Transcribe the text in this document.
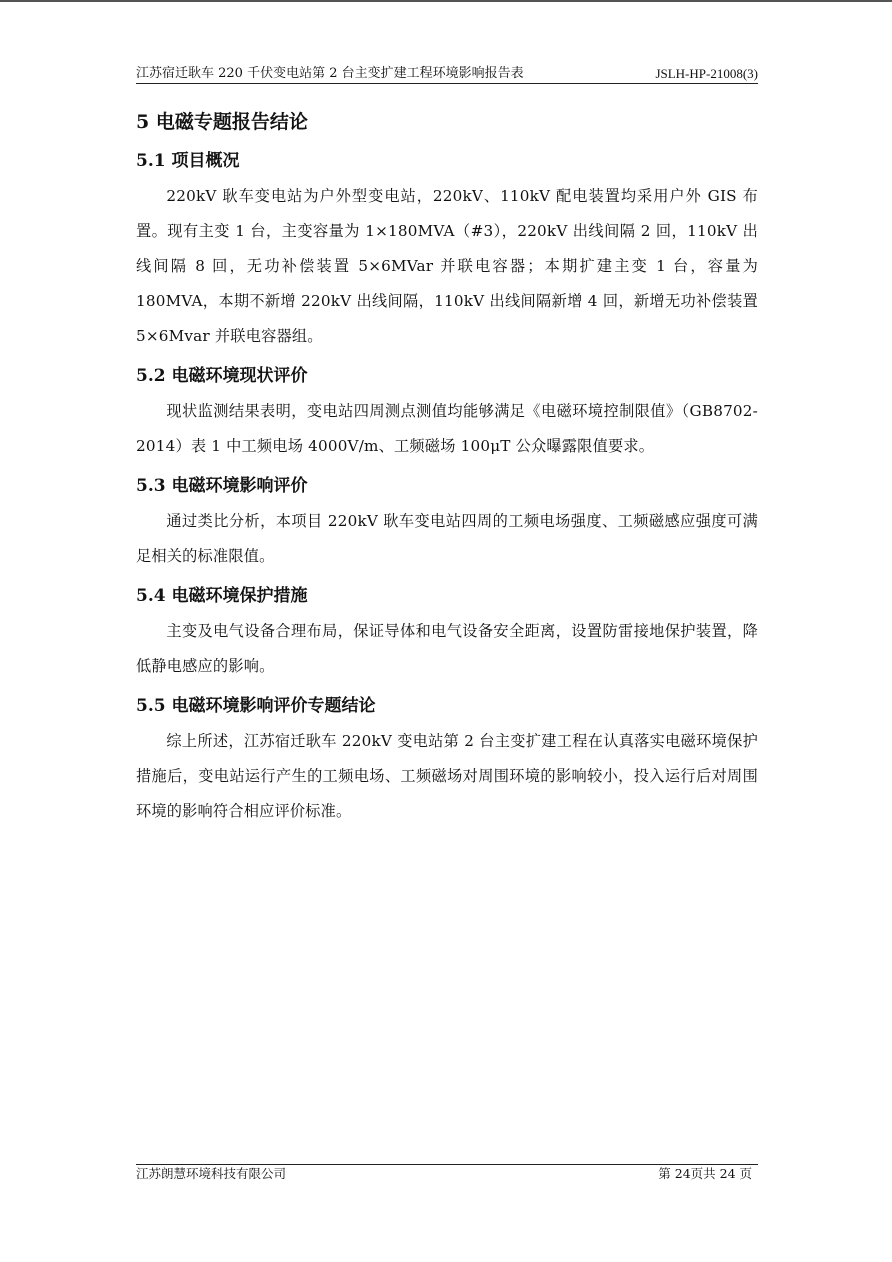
江苏宿迁耿车 220 千伏变电站第 2 台主变扩建工程环境影响报告表	JSLH-HP-21008(3)
5 电磁专题报告结论
5.1 项目概况

220kV 耿车变电站为户外型变电站，220kV、110kV 配电装置均采用户外 GIS 布置。现有主变 1 台，主变容量为 1×180MVA（#3），220kV 出线间隔 2 回，110kV 出线间隔 8 回，无功补偿装置 5×6MVar 并联电容器；本期扩建主变 1 台，容量为 180MVA，本期不新增 220kV 出线间隔，110kV 出线间隔新增 4 回，新增无功补偿装置 5×6Mvar 并联电容器组。

5.2 电磁环境现状评价

现状监测结果表明，变电站四周测点测值均能够满足《电磁环境控制限值》（GB8702-2014）表 1 中工频电场 4000V/m、工频磁场 100μT 公众曝露限值要求。

5.3 电磁环境影响评价

通过类比分析，本项目 220kV 耿车变电站四周的工频电场强度、工频磁感应强度可满足相关的标准限值。

5.4 电磁环境保护措施

主变及电气设备合理布局，保证导体和电气设备安全距离，设置防雷接地保护装置，降低静电感应的影响。

5.5 电磁环境影响评价专题结论

综上所述，江苏宿迁耿车 220kV 变电站第 2 台主变扩建工程在认真落实电磁环境保护措施后，变电站运行产生的工频电场、工频磁场对周围环境的影响较小，投入运行后对周围环境的影响符合相应评价标准。

江苏朗慧环境科技有限公司	第 24页共 24 页
